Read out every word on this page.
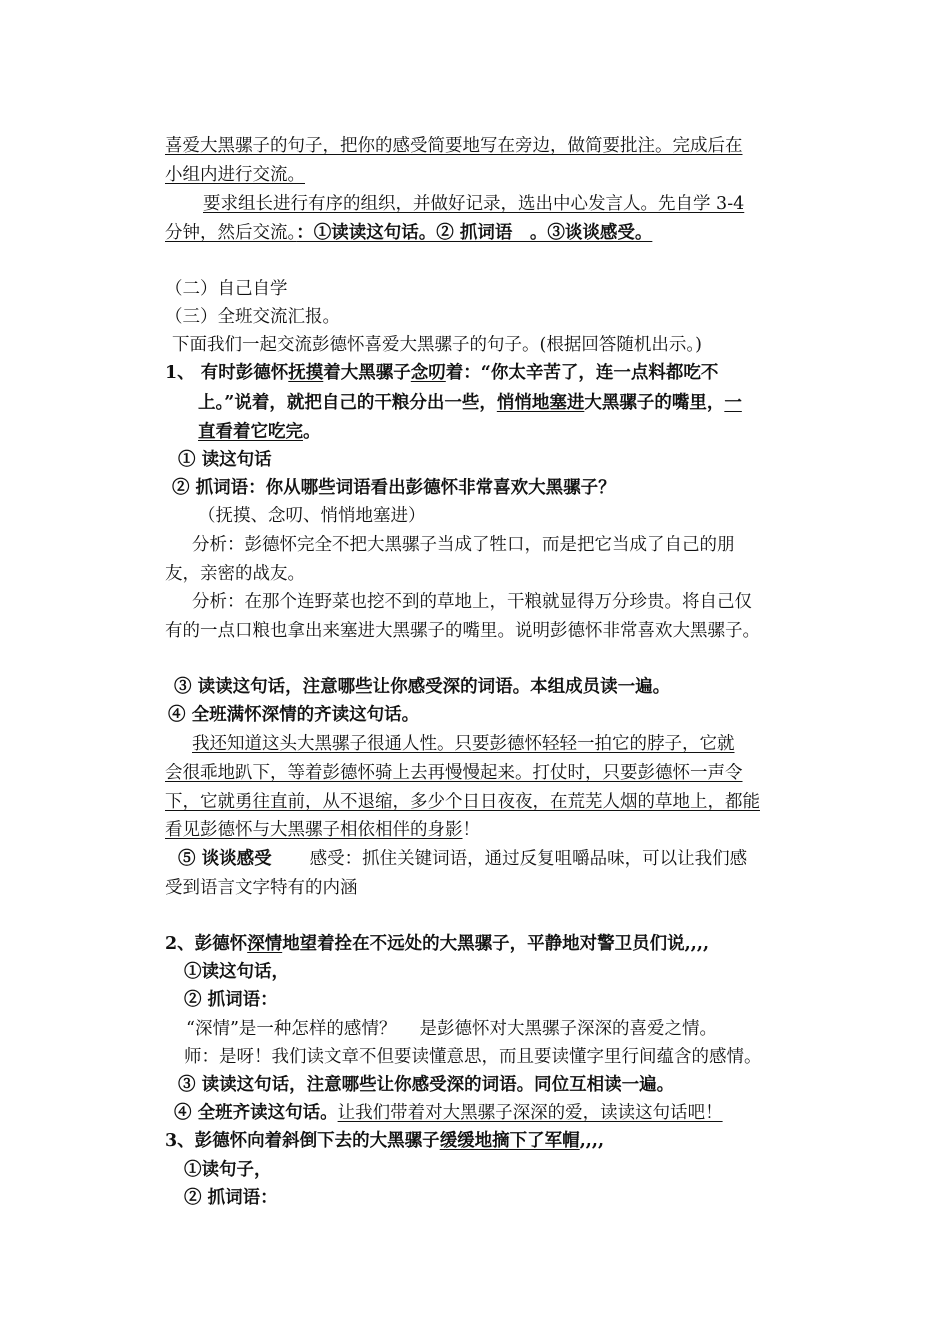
喜爱大黑骡子的句子，把你的感受简要地写在旁边，做简要批注。完成后在
小组内进行交流。
要求组长进行有序的组织，并做好记录，选出中心发言人。先自学 3-4
分钟，然后交流。：①读读这句话。② 抓词语　。③谈谈感受。
（二）自己自学
（三）全班交流汇报。
下面我们一起交流彭德怀喜爱大黑骡子的句子。(根据回答随机出示。)
1、 有时彭德怀抚摸着大黑骡子念叨着：“你太辛苦了，连一点料都吃不
上。”说着，就把自己的干粮分出一些，悄悄地塞进大黑骡子的嘴里，一
直看着它吃完。
① 读这句话
② 抓词语：你从哪些词语看出彭德怀非常喜欢大黑骡子？
（抚摸、念叨、悄悄地塞进）
分析：彭德怀完全不把大黑骡子当成了牲口，而是把它当成了自己的朋
友，亲密的战友。
分析：在那个连野菜也挖不到的草地上，干粮就显得万分珍贵。将自己仅
有的一点口粮也拿出来塞进大黑骡子的嘴里。说明彭德怀非常喜欢大黑骡子。
③ 读读这句话，注意哪些让你感受深的词语。本组成员读一遍。
④ 全班满怀深情的齐读这句话。
我还知道这头大黑骡子很通人性。只要彭德怀轻轻一拍它的脖子，它就
会很乖地趴下，等着彭德怀骑上去再慢慢起来。打仗时，只要彭德怀一声令
下，它就勇往直前，从不退缩，多少个日日夜夜，在荒芜人烟的草地上，都能
看见彭德怀与大黑骡子相依相伴的身影！
⑤ 谈谈感受 感受：抓住关键词语，通过反复咀嚼品味，可以让我们感
受到语言文字特有的内涵
2、彭德怀深情地望着拴在不远处的大黑骡子，平静地对警卫员们说,,,,
①读这句话，
② 抓词语：
“深情”是一种怎样的感情？　 是彭德怀对大黑骡子深深的喜爱之情。
师：是呀！我们读文章不但要读懂意思，而且要读懂字里行间蕴含的感情。
③ 读读这句话，注意哪些让你感受深的词语。同位互相读一遍。
④ 全班齐读这句话。让我们带着对大黑骡子深深的爱，读读这句话吧！
3、彭德怀向着斜倒下去的大黑骡子缓缓地摘下了军帽,,,,
①读句子，
② 抓词语：
